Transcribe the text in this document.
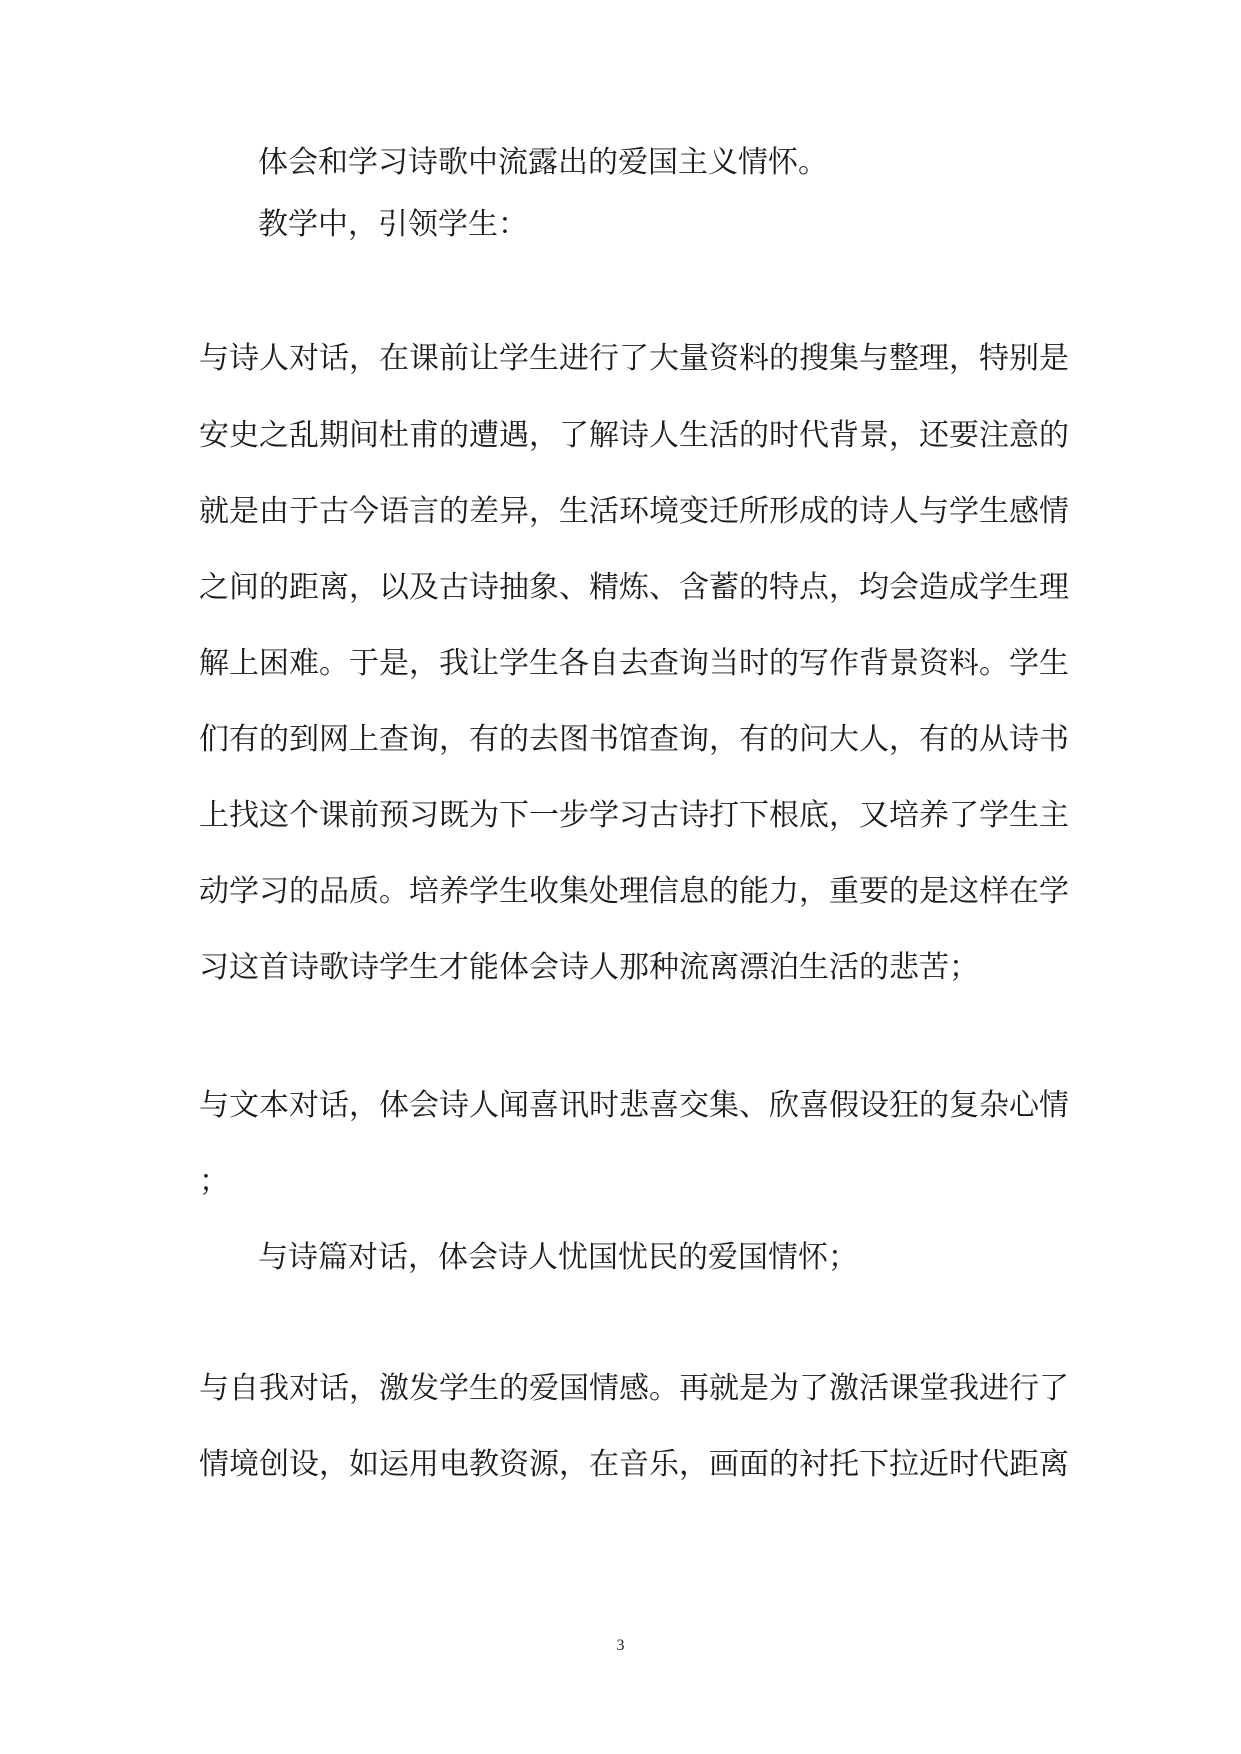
体会和学习诗歌中流露出的爱国主义情怀。
教学中，引领学生：
与诗人对话，在课前让学生进行了大量资料的搜集与整理，特别是
安史之乱期间杜甫的遭遇，了解诗人生活的时代背景，还要注意的
就是由于古今语言的差异，生活环境变迁所形成的诗人与学生感情
之间的距离，以及古诗抽象、精炼、含蓄的特点，均会造成学生理
解上困难。于是，我让学生各自去查询当时的写作背景资料。学生
们有的到网上查询，有的去图书馆查询，有的问大人，有的从诗书
上找这个课前预习既为下一步学习古诗打下根底，又培养了学生主
动学习的品质。培养学生收集处理信息的能力，重要的是这样在学
习这首诗歌诗学生才能体会诗人那种流离漂泊生活的悲苦；
与文本对话，体会诗人闻喜讯时悲喜交集、欣喜假设狂的复杂心情
；
与诗篇对话，体会诗人忧国忧民的爱国情怀；
与自我对话，激发学生的爱国情感。再就是为了激活课堂我进行了
情境创设，如运用电教资源，在音乐，画面的衬托下拉近时代距离
3
